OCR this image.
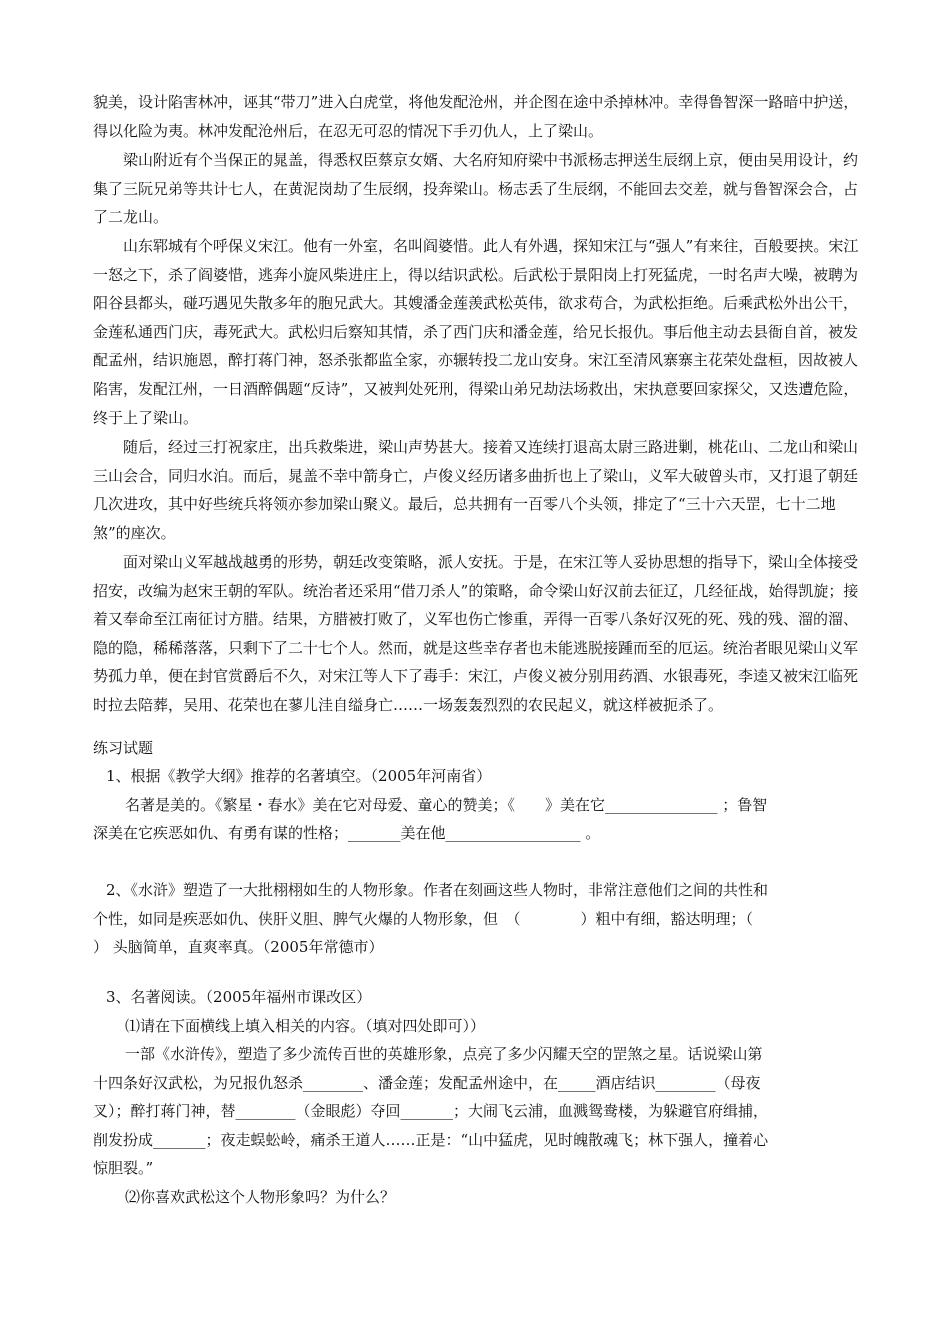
貌美，设计陷害林冲，诬其“带刀”进入白虎堂，将他发配沧州，并企图在途中杀掉林冲。幸得鲁智深一路暗中护送，得以化险为夷。林冲发配沧州后，在忍无可忍的情况下手刃仇人，上了梁山。

梁山附近有个当保正的晁盖，得悉权臣蔡京女婿、大名府知府梁中书派杨志押送生辰纲上京，便由吴用设计，约集了三阮兄弟等共计七人，在黄泥岗劫了生辰纲，投奔梁山。杨志丢了生辰纲，不能回去交差，就与鲁智深会合，占了二龙山。

山东郓城有个呼保义宋江。他有一外室，名叫阎婆惜。此人有外遇，探知宋江与“强人”有来往，百般要挟。宋江一怒之下，杀了阎婆惜，逃奔小旋风柴进庄上，得以结识武松。后武松于景阳岗上打死猛虎，一时名声大噪，被聘为阳谷县都头，碰巧遇见失散多年的胞兄武大。其嫂潘金莲羡武松英伟，欲求苟合，为武松拒绝。后乘武松外出公干，金莲私通西门庆，毒死武大。武松归后察知其情，杀了西门庆和潘金莲，给兄长报仇。事后他主动去县衙自首，被发配孟州，结识施恩，醉打蒋门神，怒杀张都监全家，亦辗转投二龙山安身。宋江至清风寨寨主花荣处盘桓，因故被人陷害，发配江州，一日酒醉偶题“反诗”，又被判处死刑，得梁山弟兄劫法场救出，宋执意要回家探父，又迭遭危险，终于上了梁山。

随后，经过三打祝家庄，出兵救柴进，梁山声势甚大。接着又连续打退高太尉三路进剿，桃花山、二龙山和梁山三山会合，同归水泊。而后，晁盖不幸中箭身亡，卢俊义经历诸多曲折也上了梁山，义军大破曾头市，又打退了朝廷几次进攻，其中好些统兵将领亦参加梁山聚义。最后，总共拥有一百零八个头领，排定了“三十六天罡，七十二地煞”的座次。

面对梁山义军越战越勇的形势，朝廷改变策略，派人安抚。于是，在宋江等人妥协思想的指导下，梁山全体接受招安，改编为赵宋王朝的军队。统治者还采用“借刀杀人”的策略，命令梁山好汉前去征辽，几经征战，始得凯旋；接着又奉命至江南征讨方腊。结果，方腊被打败了，义军也伤亡惨重，弄得一百零八条好汉死的死、残的残、溜的溜、隐的隐，稀稀落落，只剩下了二十七个人。然而，就是这些幸存者也未能逃脱接踵而至的厄运。统治者眼见梁山义军势孤力单，便在封官赏爵后不久，对宋江等人下了毒手：宋江，卢俊义被分别用药酒、水银毒死，李逵又被宋江临死时拉去陪葬，吴用、花荣也在蓼儿洼自缢身亡……一场轰轰烈烈的农民起义，就这样被扼杀了。

练习试题

1、根据《教学大纲》推荐的名著填空。（2005年河南省）

名著是美的。《繁星・春水》美在它对母爱、童心的赞美；《　　》美在它_______________ ；鲁智

深美在它疾恶如仇、有勇有谋的性格；_______美在他__________________ 。

2、《水浒》塑造了一大批栩栩如生的人物形象。作者在刻画这些人物时，非常注意他们之间的共性和

个性，如同是疾恶如仇、侠肝义胆、脾气火爆的人物形象，但　（　　　　）粗中有细，豁达明理；（

） 头脑简单，直爽率真。（2005年常德市）

3、名著阅读。（2005年福州市课改区）

⑴请在下面横线上填入相关的内容。（填对四处即可））

一部《水浒传》，塑造了多少流传百世的英雄形象，点亮了多少闪耀天空的罡煞之星。话说梁山第

十四条好汉武松，为兄报仇怒杀________、潘金莲；发配孟州途中，在_____酒店结识________（母夜

叉）；醉打蒋门神，替________（金眼彪）夺回_______；大闹飞云浦，血溅鸳鸯楼，为躲避官府缉捕，

削发扮成_______；夜走蜈蚣岭，痛杀王道人……正是：“山中猛虎，见时魄散魂飞；林下强人，撞着心

惊胆裂。”

⑵你喜欢武松这个人物形象吗？为什么？
